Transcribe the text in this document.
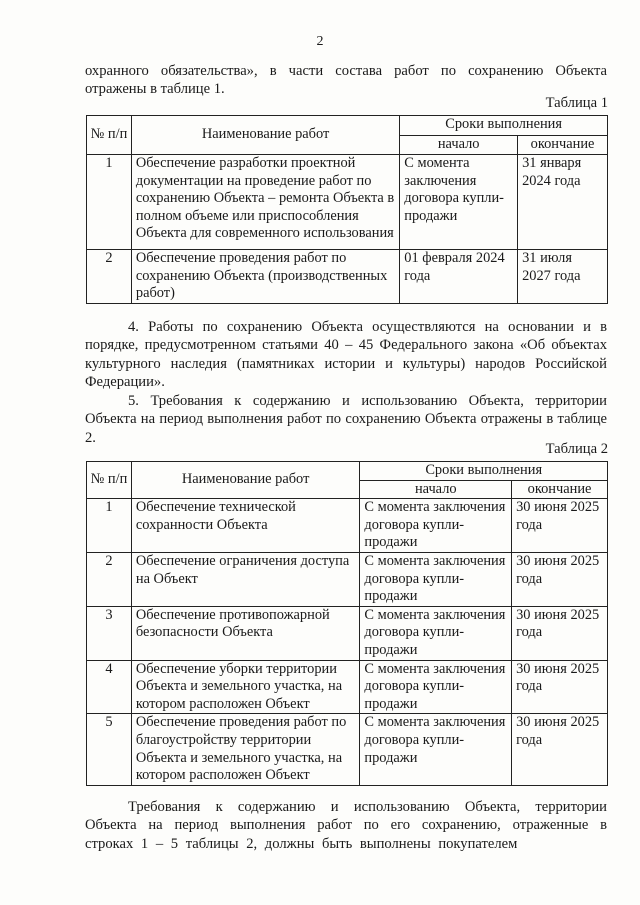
2
охранного обязательства», в части состава работ по сохранению Объекта
отражены в таблице 1.
Таблица 1
№ п/п	Наименование работ	Сроки выполнения	
		начало	окончание
1	Обеспечение разработки проектной документации на проведение работ по сохранению Объекта – ремонта Объекта в полном объеме или приспособления Объекта для современного использования	С момента заключения договора купли-продажи	31 января 2024 года
2	Обеспечение проведения работ по сохранению Объекта (производственных работ)	01 февраля 2024 года	31 июля 2027 года
4. Работы по сохранению Объекта осуществляются на основании и в порядке, предусмотренном статьями 40 – 45 Федерального закона «Об объектах культурного наследия (памятниках истории и культуры) народов Российской Федерации».
5. Требования к содержанию и использованию Объекта, территории Объекта на период выполнения работ по сохранению Объекта отражены в таблице 2.
Таблица 2
№ п/п	Наименование работ	Сроки выполнения	
		начало	окончание
1	Обеспечение технической сохранности Объекта	С момента заключения договора купли-продажи	30 июня 2025 года
2	Обеспечение ограничения доступа на Объект	С момента заключения договора купли-продажи	30 июня 2025 года
3	Обеспечение противопожарной безопасности Объекта	С момента заключения договора купли-продажи	30 июня 2025 года
4	Обеспечение уборки территории Объекта и земельного участка, на котором расположен Объект	С момента заключения договора купли-продажи	30 июня 2025 года
5	Обеспечение проведения работ по благоустройству территории Объекта и земельного участка, на котором расположен Объект	С момента заключения договора купли-продажи	30 июня 2025 года
Требования к содержанию и использованию Объекта, территории Объекта на период выполнения работ по его сохранению, отраженные в строках 1 – 5 таблицы 2, должны быть выполнены покупателем
